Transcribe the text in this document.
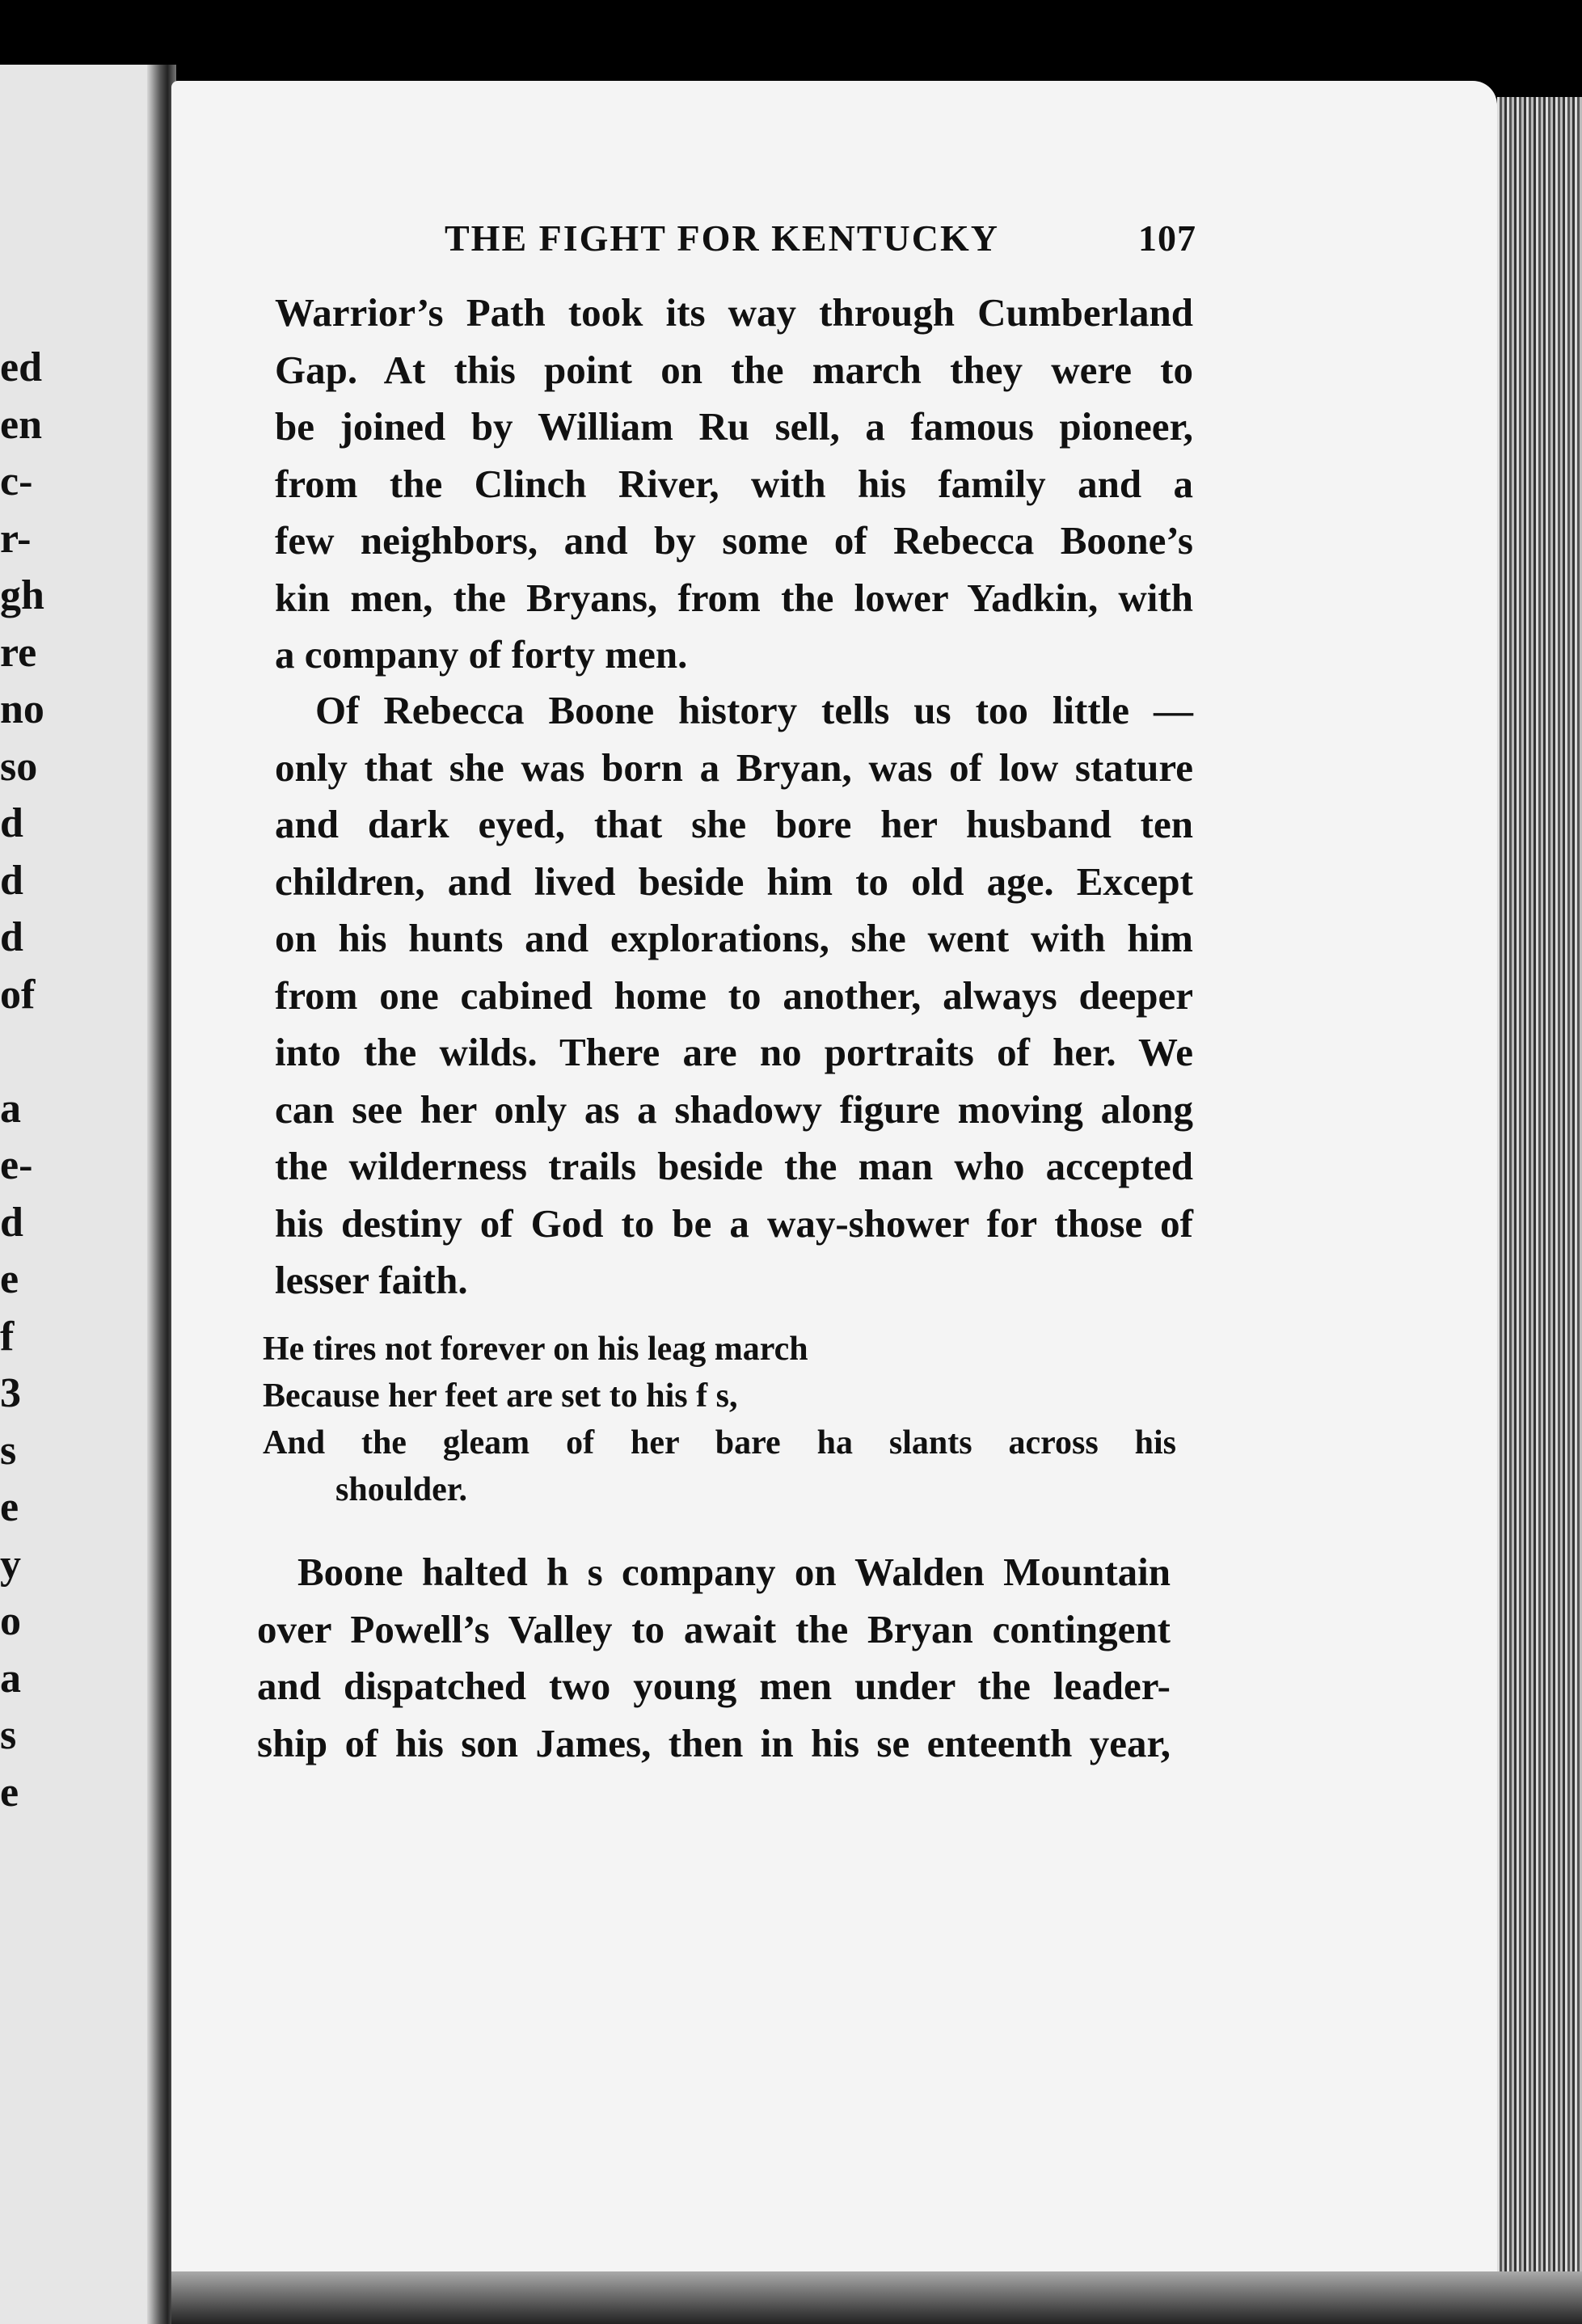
ed
en
c-
r-
gh
re
no
so
d
d
d
of

a
e-
d
e
f
3
s
e
y
o
a
s
e
THE FIGHT FOR KENTUCKY	107
Warrior’s Path took its way through Cumberland
Gap. At this point on the march they were to
be joined by William Ru sell, a famous pioneer,
from the Clinch River, with his family and a
few neighbors, and by some of Rebecca Boone’s
kin men, the Bryans, from the lower Yadkin, with
a company of forty men.
Of Rebecca Boone history tells us too little —
only that she was born a Bryan, was of low stature
and dark eyed, that she bore her husband ten
children, and lived beside him to old age. Except
on his hunts and explorations, she went with him
from one cabined home to another, always deeper
into the wilds. There are no portraits of her. We
can see her only as a shadowy figure moving along
the wilderness trails beside the man who accepted
his destiny of God to be a way-shower for those of
lesser faith.
He tires not forever on his leag march
Because her feet are set to his f s,
And the gleam of her bare ha slants across his
shoulder.
Boone halted h s company on Walden Mountain
over Powell’s Valley to await the Bryan contingent
and dispatched two young men under the leader-
ship of his son James, then in his se enteenth year,
